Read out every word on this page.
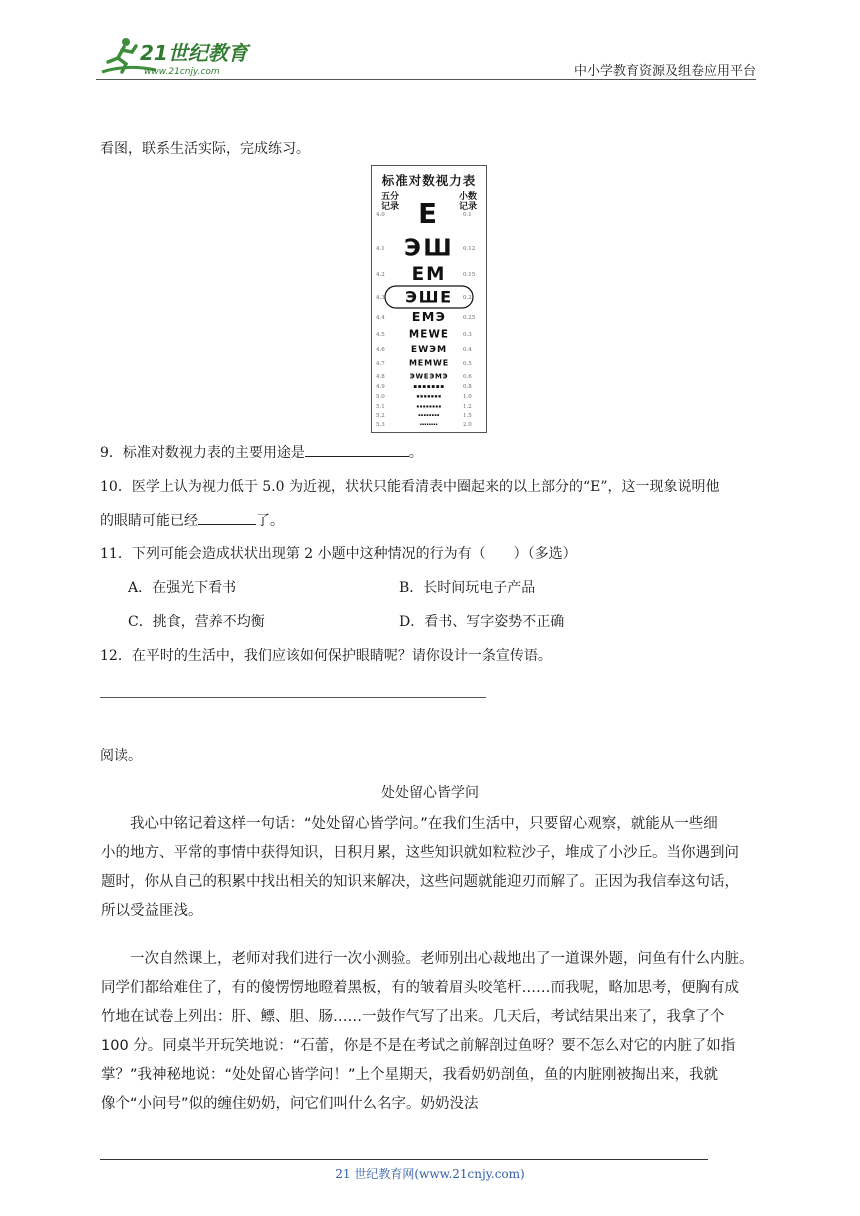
21世纪教育
www.21cnjy.com	中小学教育资源及组卷应用平台
看图，联系生活实际，完成练习。
标准对数视力表
五分记录
小数记录
4.0	0.1
E
4.1	0.12
ЭШ
4.2	0.15
EM
4.3	0.2
ЭШE
4.4	0.25
EMЭ
4.5	0.3
MEWE
4.6	0.4
EWЭM
4.7	0.5
MEMWE
4.8	0.6
ЭWEЭMЭ
4.9	0.8
▪▪▪▪▪▪▪
5.0	1.0
▪▪▪▪▪▪▪
5.1	1.2
▪▪▪▪▪▪▪▪
5.2	1.5
▪▪▪▪▪▪▪▪
5.3	2.0
▪▪▪▪▪▪▪▪
9．标准对数视力表的主要用途是	。
10．医学上认为视力低于 5.0 为近视，状状只能看清表中圈起来的以上部分的“E”，这一现象说明他
的眼睛可能已经	了。
11．下列可能会造成状状出现第 2 小题中这种情况的行为有（　　）（多选）
A．在强光下看书	B．长时间玩电子产品
C．挑食，营养不均衡	D．看书、写字姿势不正确
12．在平时的生活中，我们应该如何保护眼睛呢？请你设计一条宣传语。
阅读。
处处留心皆学问
　　我心中铭记着这样一句话：“处处留心皆学问。”在我们生活中，只要留心观察，就能从一些细
小的地方、平常的事情中获得知识，日积月累，这些知识就如粒粒沙子，堆成了小沙丘。当你遇到问
题时，你从自己的积累中找出相关的知识来解决，这些问题就能迎刃而解了。正因为我信奉这句话，
所以受益匪浅。
　　一次自然课上，老师对我们进行一次小测验。老师别出心裁地出了一道课外题，问鱼有什么内脏。
同学们都给难住了，有的傻愣愣地瞪着黑板，有的皱着眉头咬笔杆……而我呢，略加思考，便胸有成
竹地在试卷上列出：肝、鳔、胆、肠……一鼓作气写了出来。几天后，考试结果出来了，我拿了个
100 分。同桌半开玩笑地说：“石蕾，你是不是在考试之前解剖过鱼呀？要不怎么对它的内脏了如指
掌？”我神秘地说：“处处留心皆学问！”上个星期天，我看奶奶剖鱼，鱼的内脏刚被掏出来，我就
像个“小问号”似的缠住奶奶，问它们叫什么名字。奶奶没法
21 世纪教育网(www.21cnjy.com)
